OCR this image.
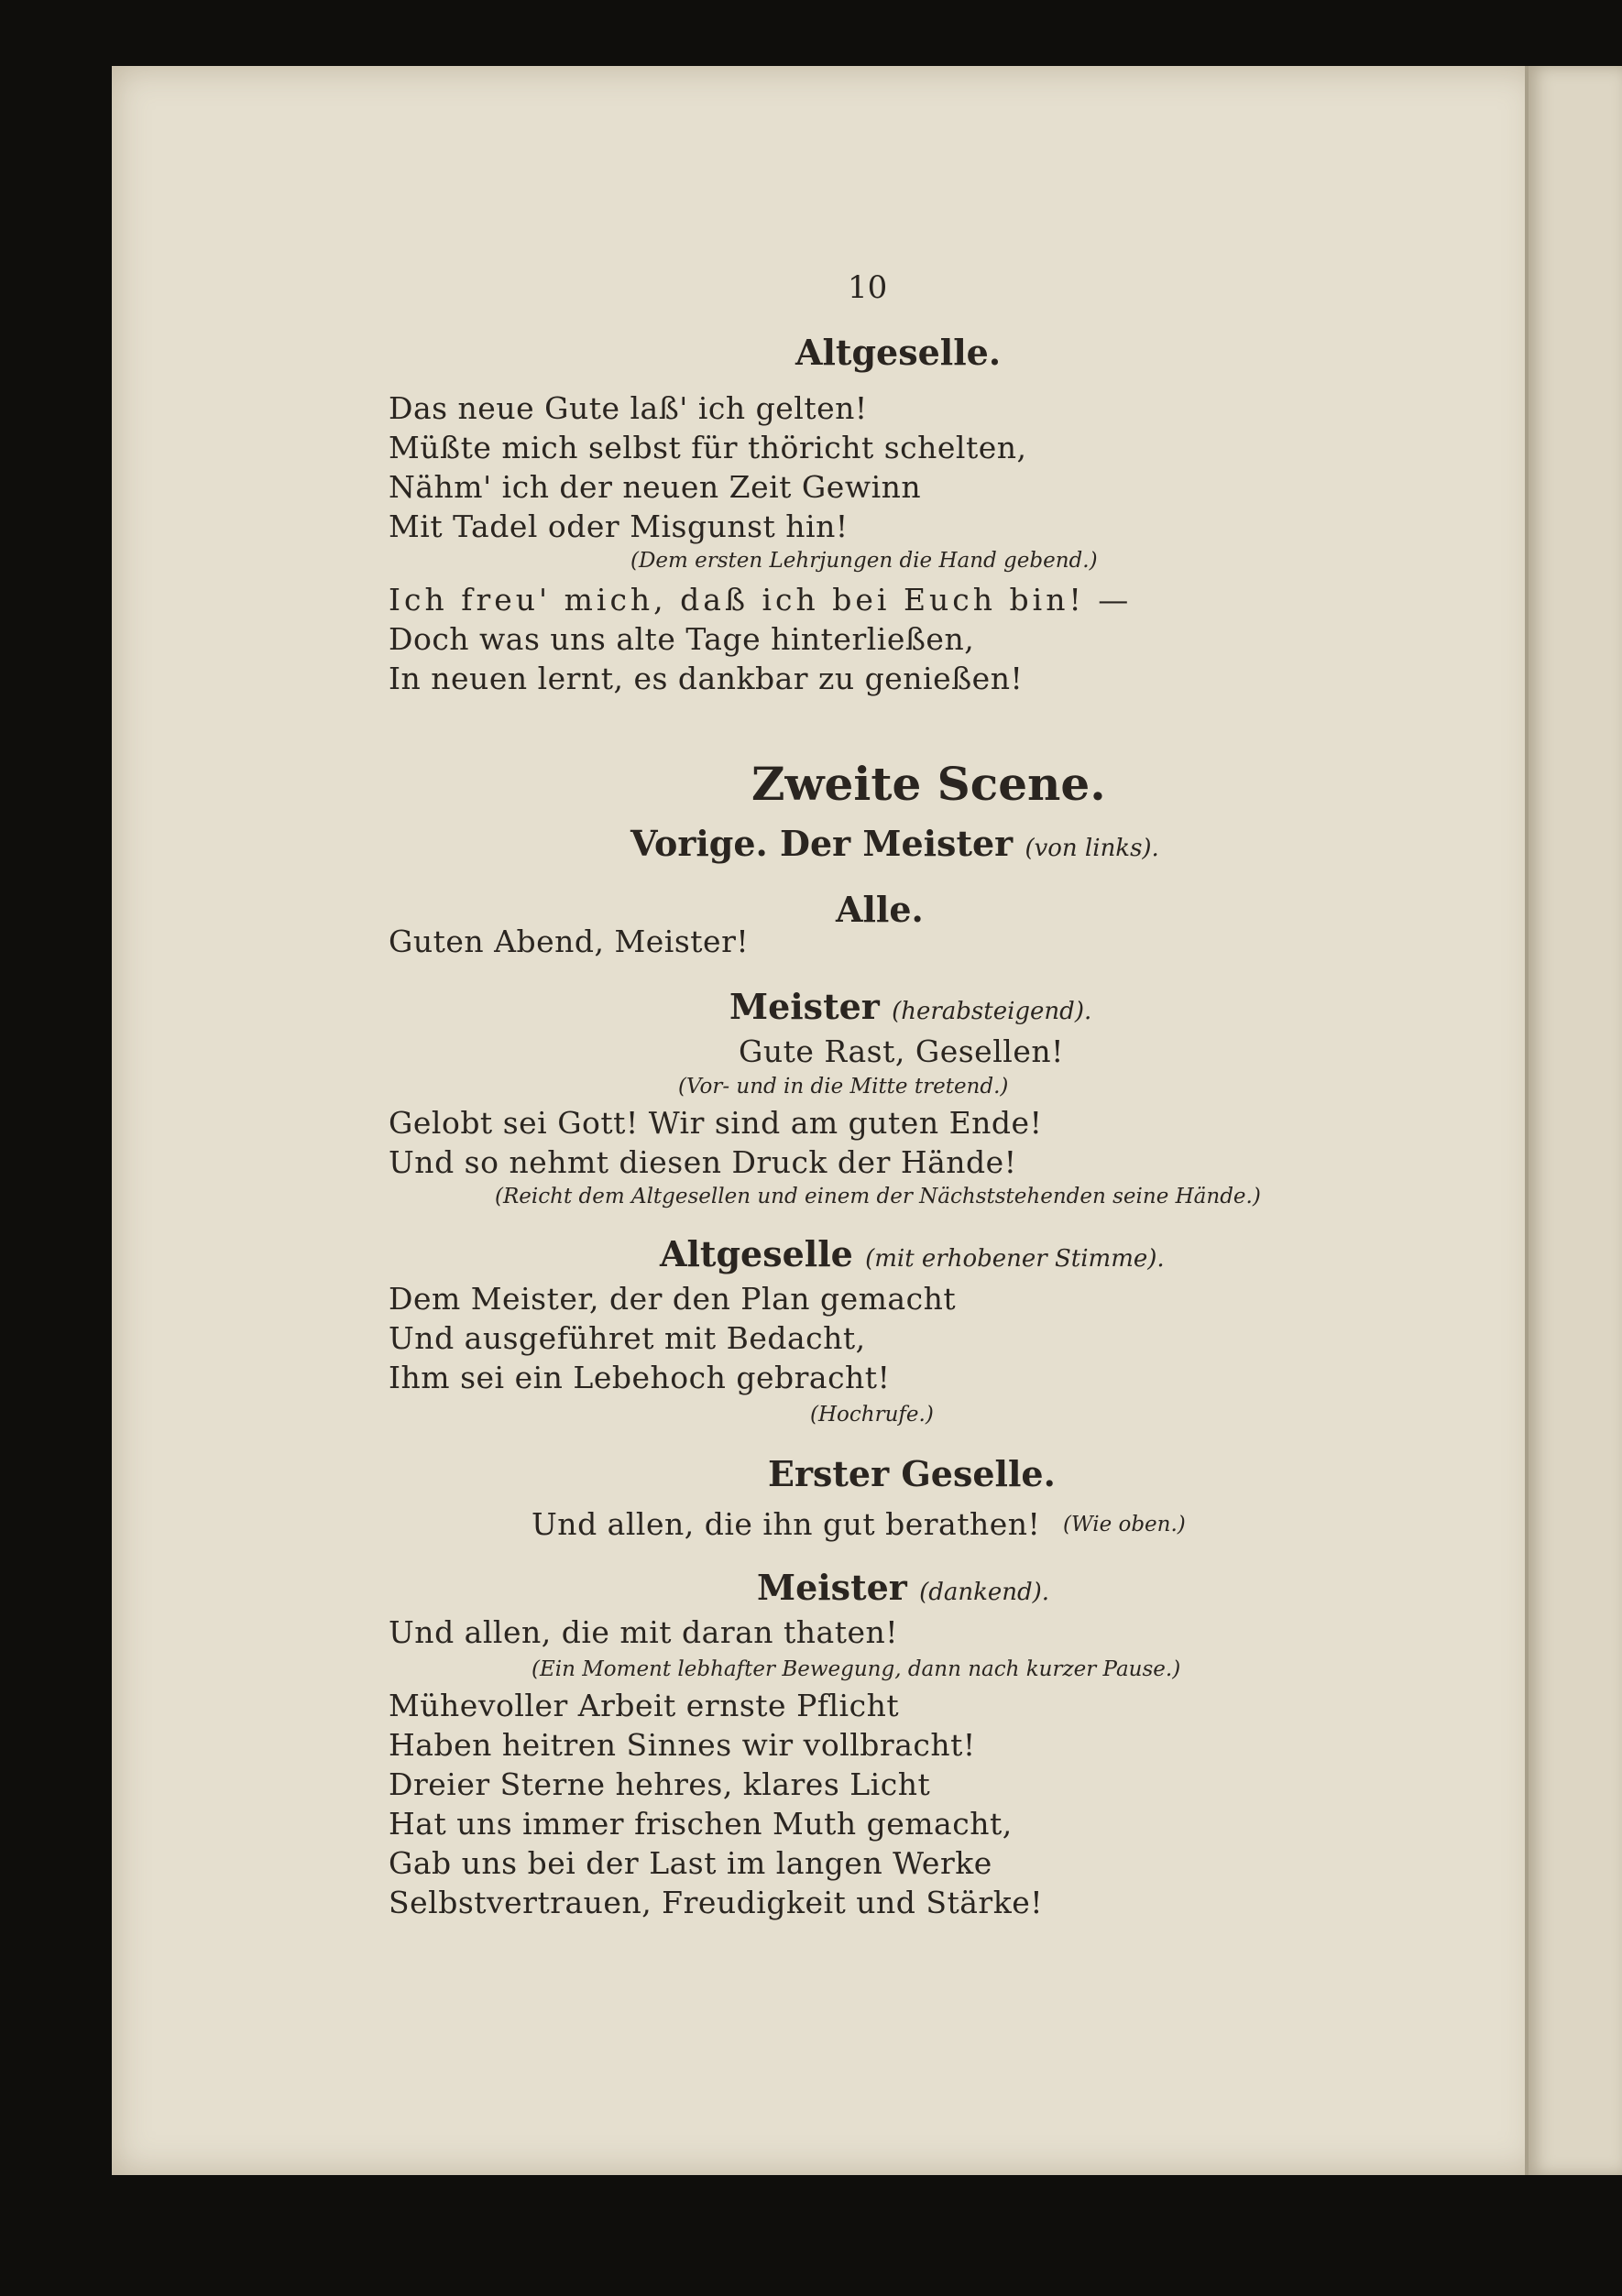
10

Altgeselle.

Das neue Gute laß' ich gelten!

Müßte mich selbst für thöricht schelten,

Nähm' ich der neuen Zeit Gewinn

Mit Tadel oder Misgunst hin!

(Dem ersten Lehrjungen die Hand gebend.)

Ich freu' mich, daß ich bei Euch bin! —

Doch was uns alte Tage hinterließen,

In neuen lernt, es dankbar zu genießen!

Zweite Scene.

Vorige. Der Meister (von links).

Alle.

Guten Abend, Meister!

Meister (herabsteigend).

Gute Rast, Gesellen!

(Vor- und in die Mitte tretend.)

Gelobt sei Gott! Wir sind am guten Ende!

Und so nehmt diesen Druck der Hände!

(Reicht dem Altgesellen und einem der Nächststehenden seine Hände.)

Altgeselle (mit erhobener Stimme).

Dem Meister, der den Plan gemacht

Und ausgeführet mit Bedacht,

Ihm sei ein Lebehoch gebracht!

(Hochrufe.)

Erster Geselle.

Und allen, die ihn gut berathen! (Wie oben.)

Meister (dankend).

Und allen, die mit daran thaten!

(Ein Moment lebhafter Bewegung, dann nach kurzer Pause.)

Mühevoller Arbeit ernste Pflicht

Haben heitren Sinnes wir vollbracht!

Dreier Sterne hehres, klares Licht

Hat uns immer frischen Muth gemacht,

Gab uns bei der Last im langen Werke

Selbstvertrauen, Freudigkeit und Stärke!
